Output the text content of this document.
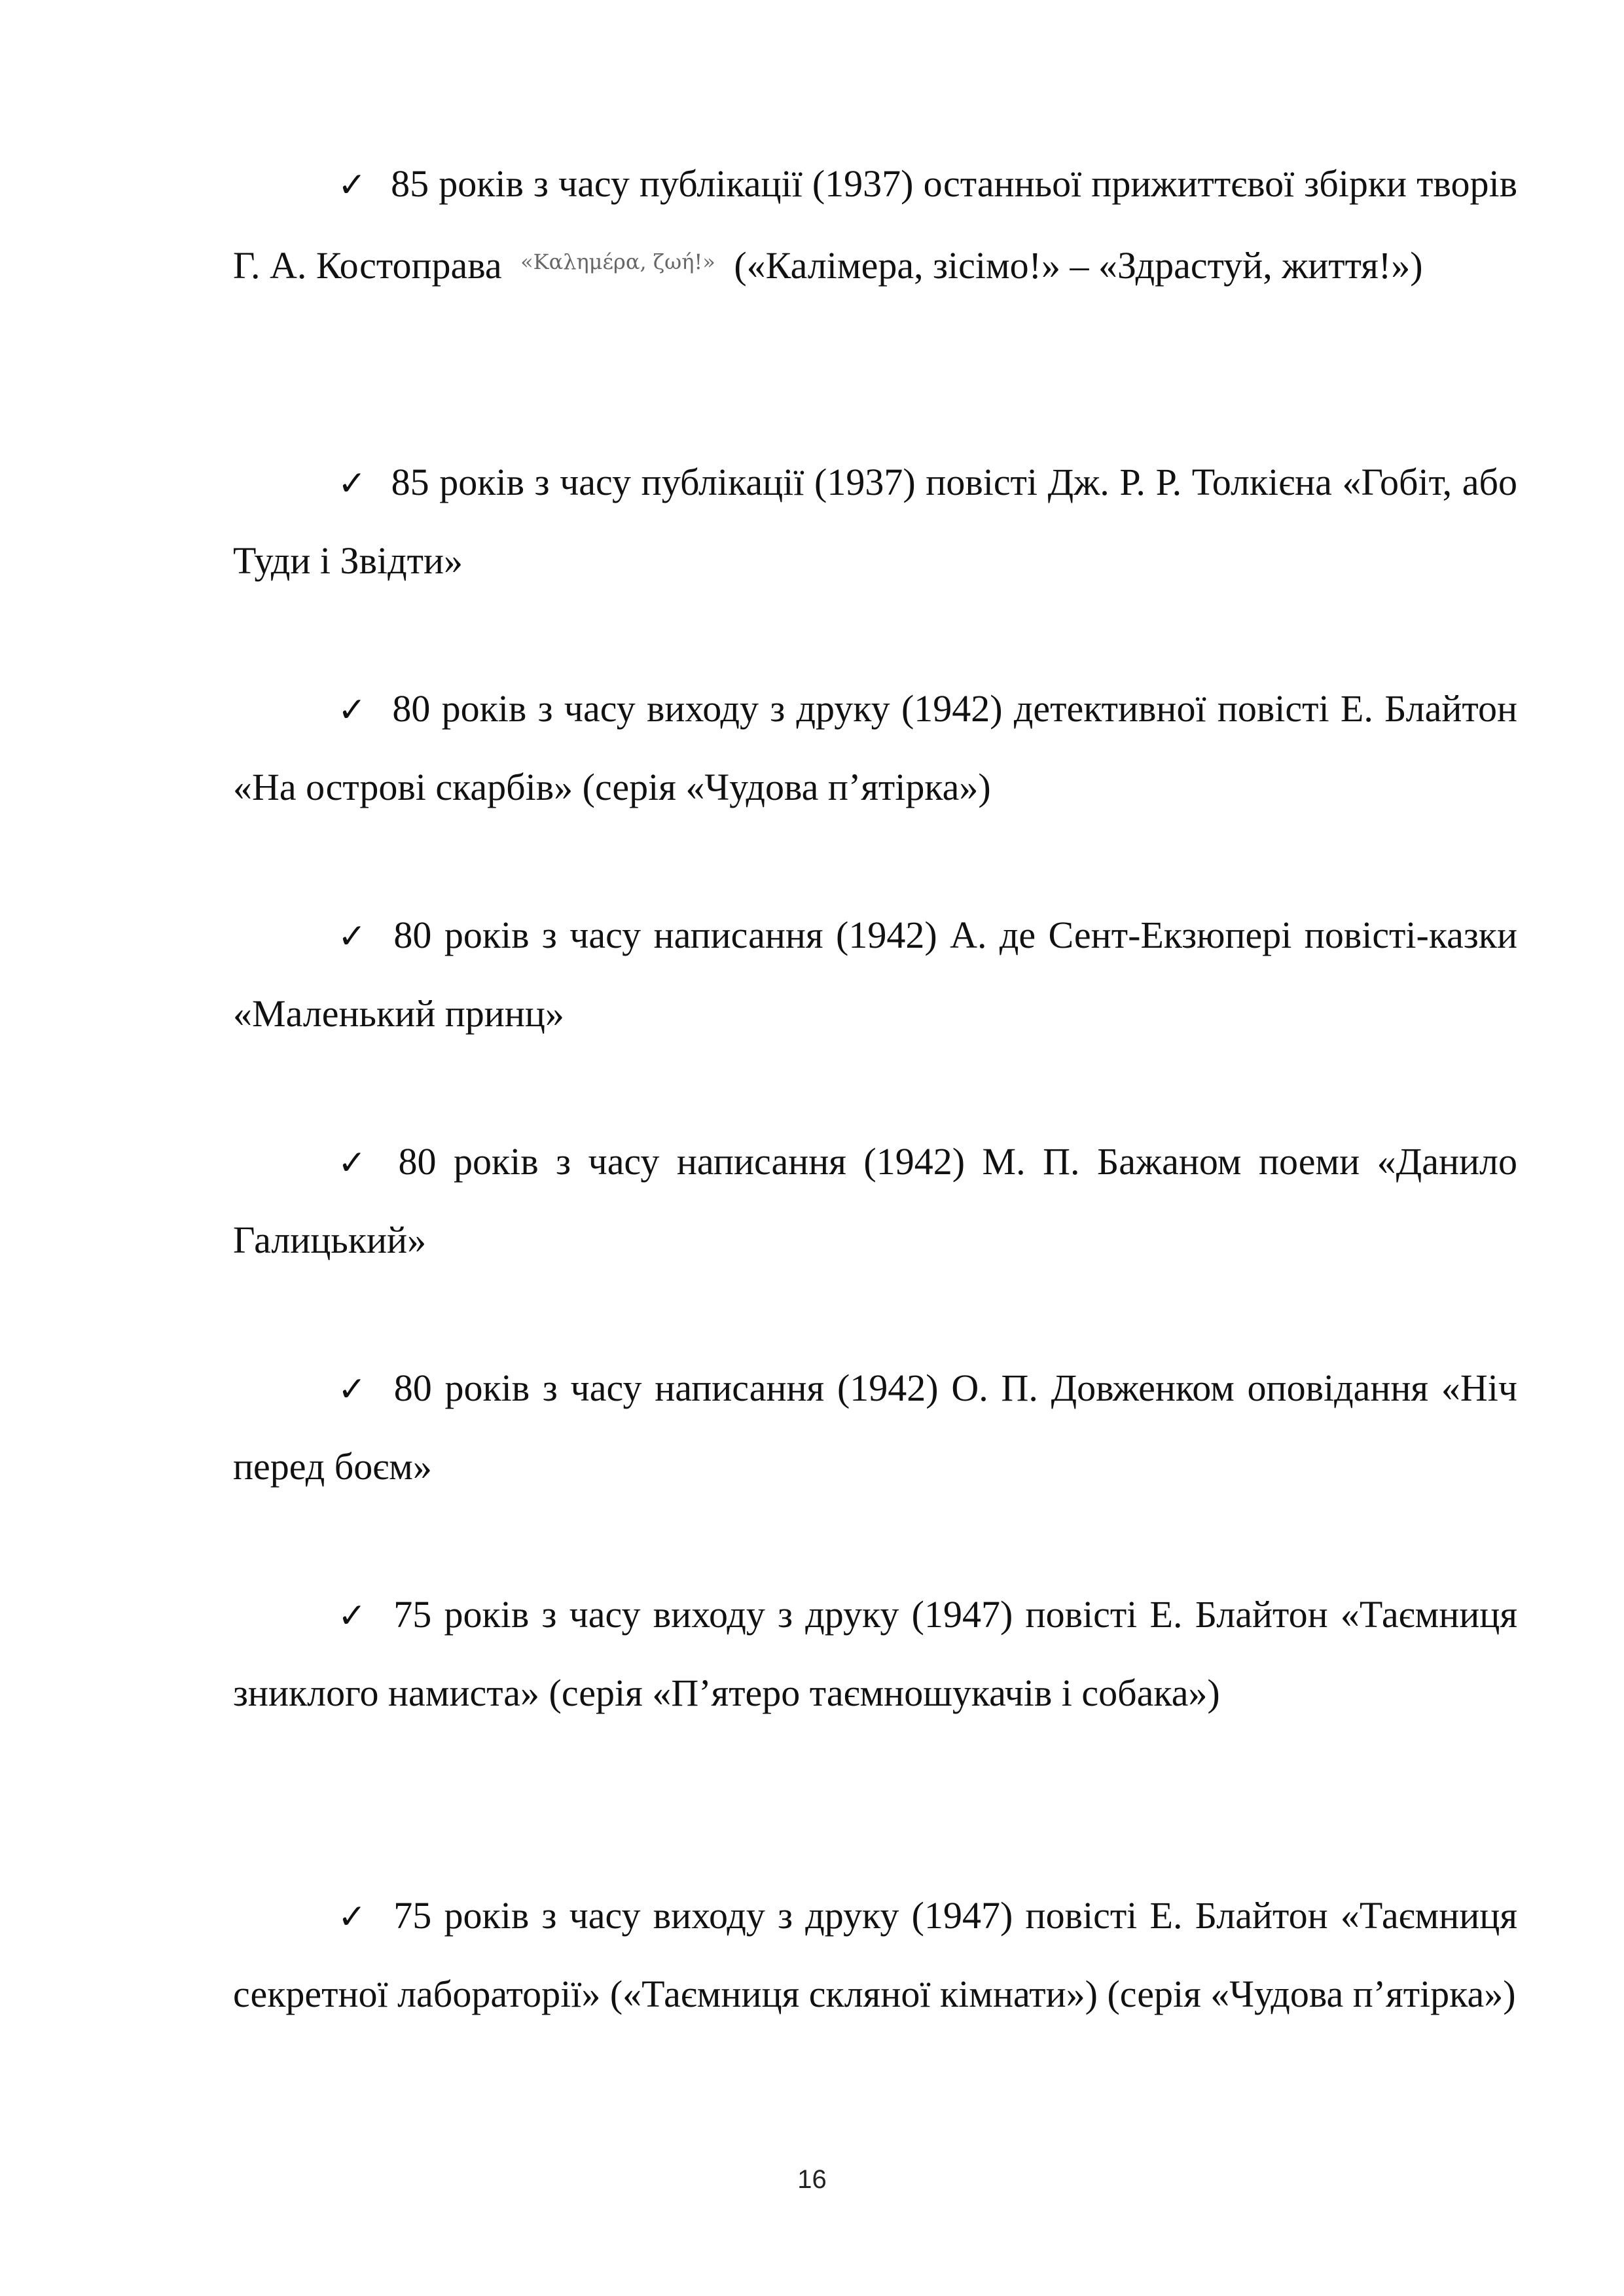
✓ 85 років з часу публікації (1937) останньої прижиттєвої збірки творів Г. А. Костоправа $^{«K\alpha\lambda\eta\mu έ\rho\alpha, \zeta\omega ή!»}$ («Калімера, зісімо!» – «Здрастуй, життя!»)

✓ 85 років з часу публікації (1937) повісті Дж. Р. Р. Толкієна «Гобіт, або Туди і Звідти»

✓ 80 років з часу виходу з друку (1942) детективної повісті Е. Блайтон «На острові скарбів» (серія «Чудова п’ятірка»)

✓ 80 років з часу написання (1942) А. де Сент-Екзюпері повісті-казки «Маленький принц»

✓ 80 років з часу написання (1942) М. П. Бажаном поеми «Данило Галицький»

✓ 80 років з часу написання (1942) О. П. Довженком оповідання «Ніч перед боєм»

✓ 75 років з часу виходу з друку (1947) повісті Е. Блайтон «Таємниця зниклого намиста» (серія «П’ятеро таємношукачів і собака»)

✓ 75 років з часу виходу з друку (1947) повісті Е. Блайтон «Таємниця секретної лабораторії» («Таємниця скляної кімнати») (серія «Чудова п’ятірка»)

16
